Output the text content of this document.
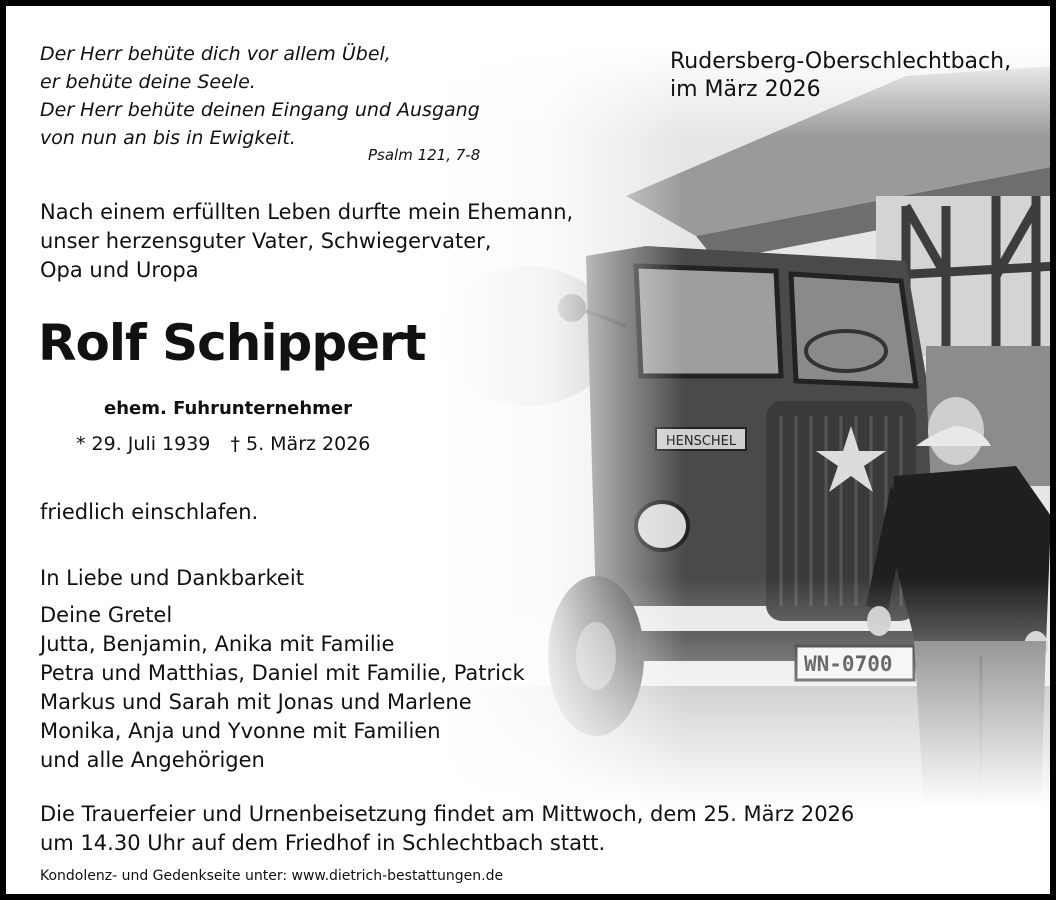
Der Herr behüte dich vor allem Übel,
er behüte deine Seele.
Der Herr behüte deinen Eingang und Ausgang
von nun an bis in Ewigkeit.
Psalm 121, 7-8
Rudersberg-Oberschlechtbach,
im März 2026
Nach einem erfüllten Leben durfte mein Ehemann,
unser herzensguter Vater, Schwiegervater,
Opa und Uropa
Rolf Schippert
ehem. Fuhrunternehmer
* 29. Juli 1939 † 5. März 2026
friedlich einschlafen.
In Liebe und Dankbarkeit
Deine Gretel
Jutta, Benjamin, Anika mit Familie
Petra und Matthias, Daniel mit Familie, Patrick
Markus und Sarah mit Jonas und Marlene
Monika, Anja und Yvonne mit Familien
und alle Angehörigen
Die Trauerfeier und Urnenbeisetzung findet am Mittwoch, dem 25. März 2026
um 14.30 Uhr auf dem Friedhof in Schlechtbach statt.
Kondolenz- und Gedenkseite unter: www.dietrich-bestattungen.de
